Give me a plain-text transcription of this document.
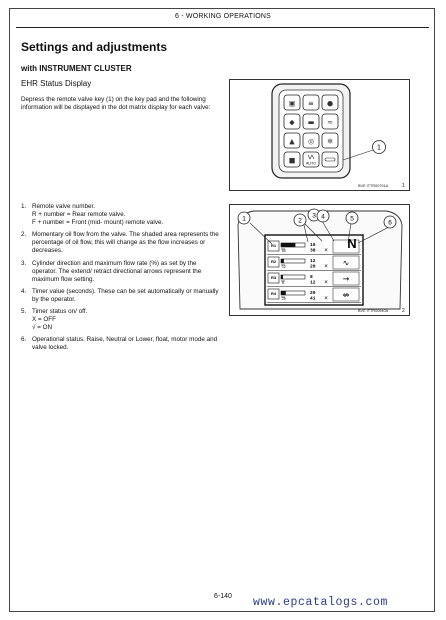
6 - WORKING OPERATIONS
Settings and adjustments
with INSTRUMENT CLUSTER
EHR Status Display
Depress the remote valve key (1) on the key pad and the following information will be displayed in the dot matrix display for each valve:
1. Remote valve number.
R + number = Rear remote valve.
F + number = Front (mid- mount) remote valve.
2. Momentary oil flow from the valve. The shaded area represents the percentage of oil flow, this will change as the flow increases or decreases.
3. Cylinder direction and maximum flow rate (%) as set by the operator. The extend/ retract directional arrows represent the maximum flow setting.
4. Timer value (seconds). These can be set automatically or manually by the operator.
5. Timer status on/ off.
X = OFF
√ = ON
6. Operational status. Raise, Neutral or Lower, float, motor mode and valve locked.
▣ ≡ ●
◆ ▬ ≈
▲ ◎ ✲
■	AUTO
1
BVE ITTR00791A	1
R1
60
10
38 ×
R2
12
12
20 × ∿
R3
8
8
12 × →
R4
20
20
41 × ⇎
N
1	2
3 4	5
6
BVE ITTR00940A	2
6-140	www.epcatalogs.com
